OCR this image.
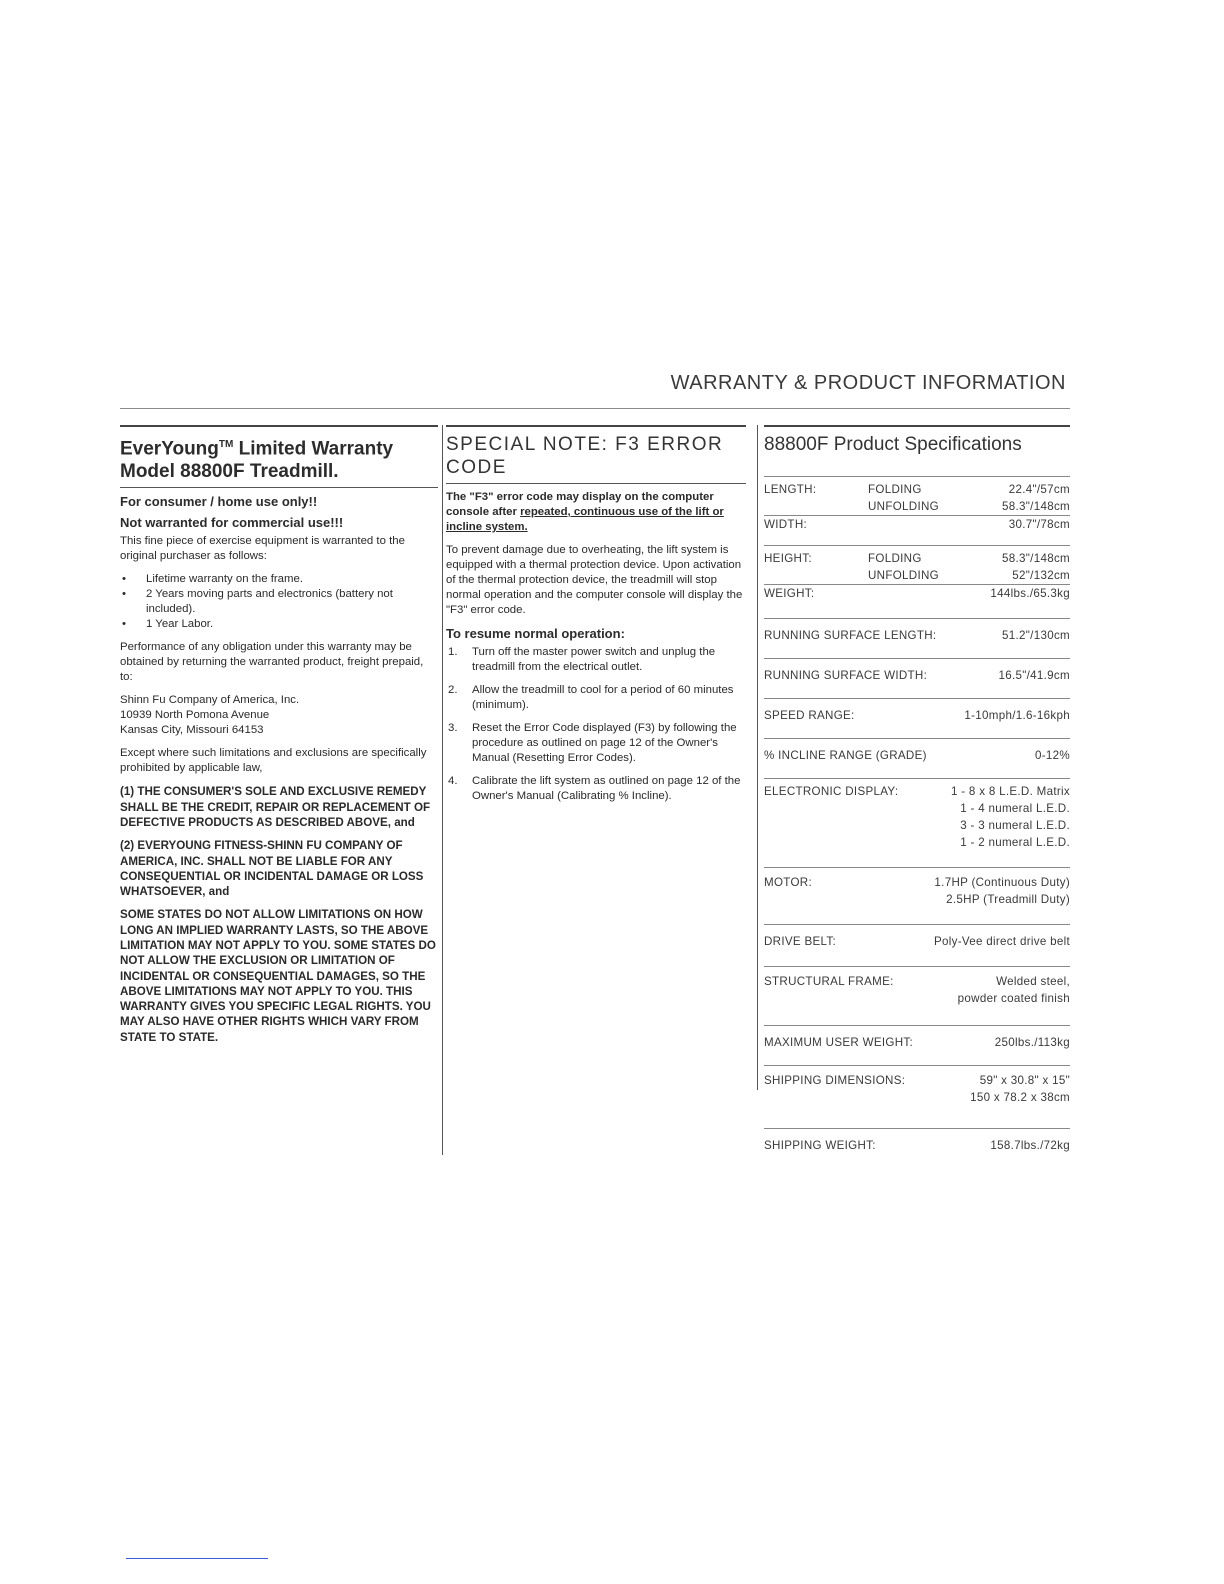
WARRANTY & PRODUCT INFORMATION
EverYoung™ Limited Warranty
Model 88800F Treadmill.
For consumer / home use only!!
Not warranted for commercial use!!!

This fine piece of exercise equipment is warranted to the original purchaser as follows:

• Lifetime warranty on the frame.
• 2 Years moving parts and electronics (battery not included).
• 1 Year Labor.

Performance of any obligation under this warranty may be obtained by returning the warranted product, freight prepaid, to:

Shinn Fu Company of America, Inc.

10939 North Pomona Avenue

Kansas City, Missouri 64153

Except where such limitations and exclusions are specifically prohibited by applicable law,

(1) THE CONSUMER'S SOLE AND EXCLUSIVE REMEDY SHALL BE THE CREDIT, REPAIR OR REPLACEMENT OF DEFECTIVE PRODUCTS AS DESCRIBED ABOVE, and

(2) EVERYOUNG FITNESS-SHINN FU COMPANY OF AMERICA, INC. SHALL NOT BE LIABLE FOR ANY CONSEQUENTIAL OR INCIDENTAL DAMAGE OR LOSS WHATSOEVER, and

SOME STATES DO NOT ALLOW LIMITATIONS ON HOW LONG AN IMPLIED WARRANTY LASTS, SO THE ABOVE LIMITATION MAY NOT APPLY TO YOU. SOME STATES DO NOT ALLOW THE EXCLUSION OR LIMITATION OF INCIDENTAL OR CONSEQUENTIAL DAMAGES, SO THE ABOVE LIMITATIONS MAY NOT APPLY TO YOU. THIS WARRANTY GIVES YOU SPECIFIC LEGAL RIGHTS. YOU MAY ALSO HAVE OTHER RIGHTS WHICH VARY FROM STATE TO STATE.

SPECIAL NOTE: F3 ERROR CODE

The "F3" error code may display on the computer console after repeated, continuous use of the lift or incline system.

To prevent damage due to overheating, the lift system is equipped with a thermal protection device. Upon activation of the thermal protection device, the treadmill will stop normal operation and the computer console will display the "F3" error code.

To resume normal operation:
1. Turn off the master power switch and unplug the treadmill from the electrical outlet.
2. Allow the treadmill to cool for a period of 60 minutes (minimum).
3. Reset the Error Code displayed (F3) by following the procedure as outlined on page 12 of the Owner's Manual (Resetting Error Codes).
4. Calibrate the lift system as outlined on page 12 of the Owner's Manual (Calibrating % Incline).
88800F Product Specifications
LENGTH:	FOLDING	22.4"/57cm
UNFOLDING	58.3"/148cm
WIDTH:	30.7"/78cm
HEIGHT:	FOLDING	58.3"/148cm
UNFOLDING	52"/132cm
WEIGHT:	144lbs./65.3kg
RUNNING SURFACE LENGTH:	51.2"/130cm
RUNNING SURFACE WIDTH:	16.5"/41.9cm
SPEED RANGE:	1-10mph/1.6-16kph
% INCLINE RANGE (GRADE)	0-12%
ELECTRONIC DISPLAY:	1 - 8 x 8 L.E.D. Matrix
1 - 4 numeral L.E.D.
3 - 3 numeral L.E.D.
1 - 2 numeral L.E.D.
MOTOR:	1.7HP (Continuous Duty)
2.5HP (Treadmill Duty)
DRIVE BELT:	Poly-Vee direct drive belt
STRUCTURAL FRAME:	Welded steel,
powder coated finish
MAXIMUM USER WEIGHT:	250lbs./113kg
SHIPPING DIMENSIONS:	59" x 30.8" x 15"
150 x 78.2 x 38cm
SHIPPING WEIGHT:	158.7lbs./72kg
